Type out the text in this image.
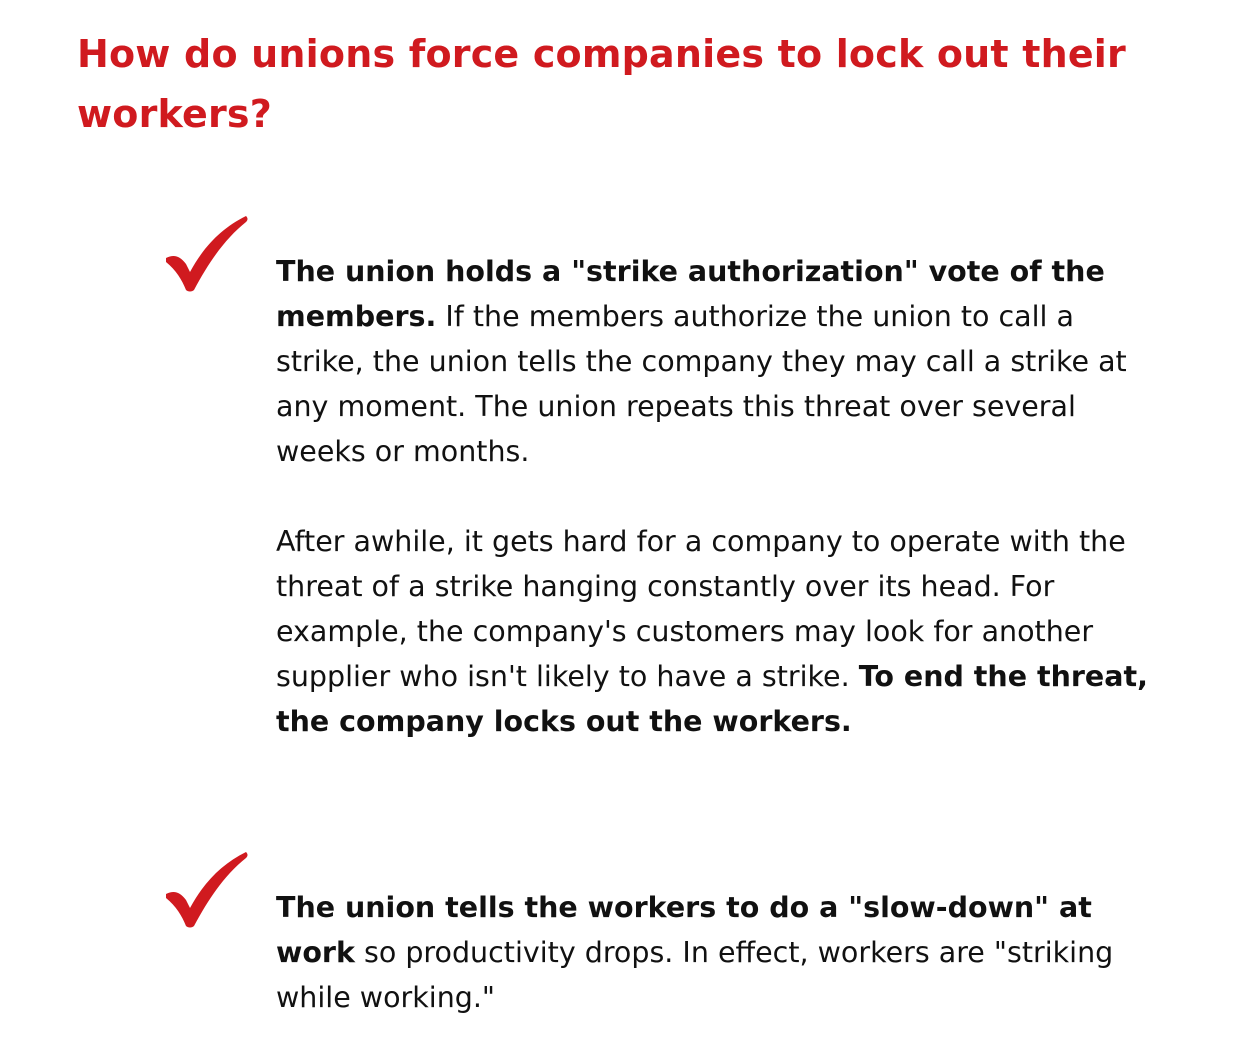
How do unions force companies to lock out their workers?

The union holds a "strike authorization" vote of the members. If the members authorize the union to call a strike, the union tells the company they may call a strike at any moment. The union repeats this threat over several weeks or months.
After awhile, it gets hard for a company to operate with the threat of a strike hanging constantly over its head. For example, the company's customers may look for another supplier who isn't likely to have a strike. To end the threat, the company locks out the workers.

The union tells the workers to do a "slow-down" at work so productivity drops. In effect, workers are "striking while working."
